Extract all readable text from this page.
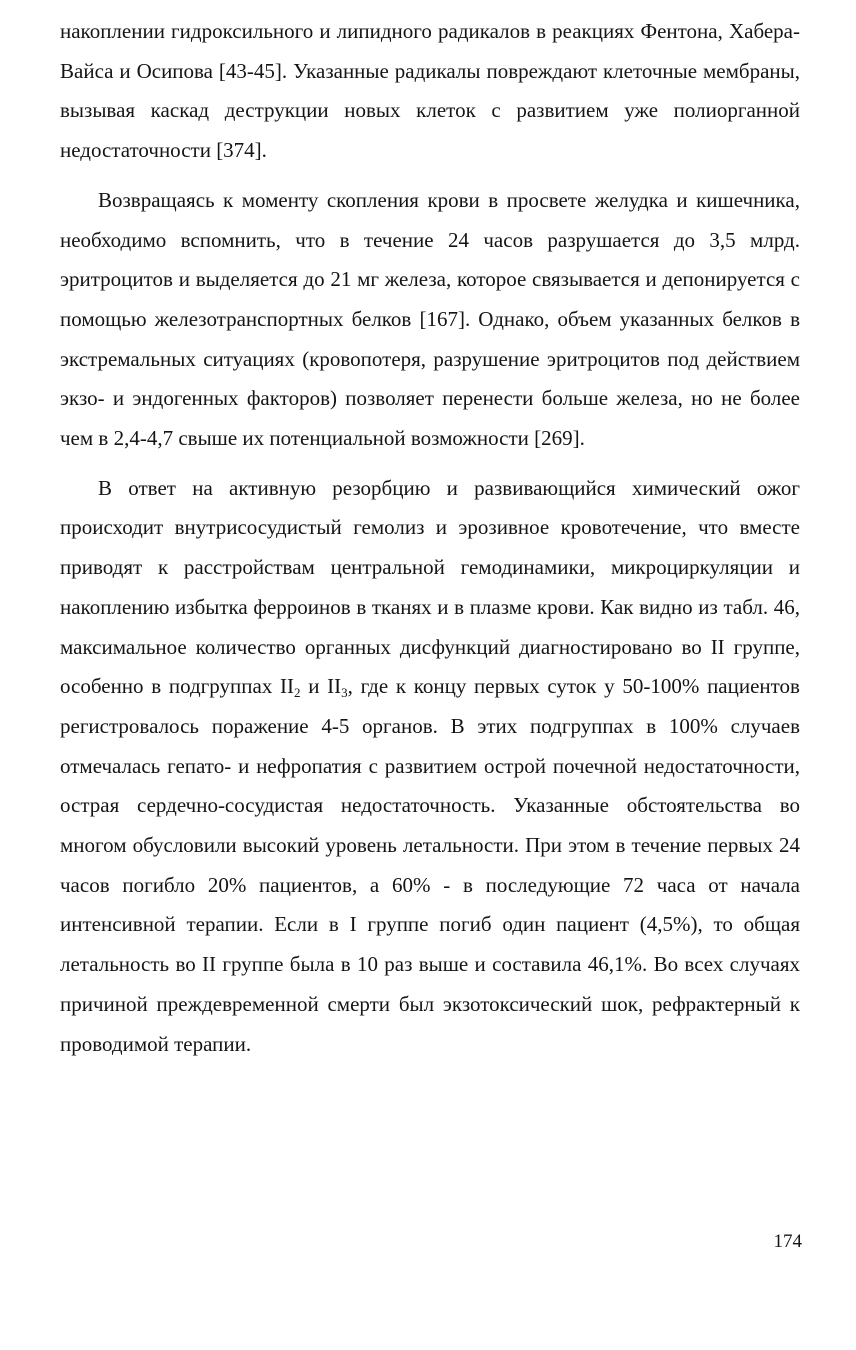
накоплении гидроксильного и липидного радикалов в реакциях Фентона, Хабера-Вайса и Осипова [43-45]. Указанные радикалы повреждают клеточные мембраны, вызывая каскад деструкции новых клеток с развитием уже полиорганной недостаточности [374].

Возвращаясь к моменту скопления крови в просвете желудка и кишечника, необходимо вспомнить, что в течение 24 часов разрушается до 3,5 млрд. эритроцитов и выделяется до 21 мг железа, которое связывается и депонируется с помощью железотранспортных белков [167]. Однако, объем указанных белков в экстремальных ситуациях (кровопотеря, разрушение эритроцитов под действием экзо- и эндогенных факторов) позволяет перенести больше железа, но не более чем в 2,4-4,7 свыше их потенциальной возможности [269].

В ответ на активную резорбцию и развивающийся химический ожог происходит внутрисосудистый гемолиз и эрозивное кровотечение, что вместе приводят к расстройствам центральной гемодинамики, микроциркуляции и накоплению избытка ферроинов в тканях и в плазме крови. Как видно из табл. 46, максимальное количество органных дисфункций диагностировано во II группе, особенно в подгруппах $II_2$ и $II_3$, где к концу первых суток у 50-100% пациентов регистровалось поражение 4-5 органов. В этих подгруппах в 100% случаев отмечалась гепато- и нефропатия с развитием острой почечной недостаточности, острая сердечно-сосудистая недостаточность. Указанные обстоятельства во многом обусловили высокий уровень летальности. При этом в течение первых 24 часов погибло 20% пациентов, а 60% - в последующие 72 часа от начала интенсивной терапии. Если в I группе погиб один пациент (4,5%), то общая летальность во II группе была в 10 раз выше и составила 46,1%. Во всех случаях причиной преждевременной смерти был экзотоксический шок, рефрактерный к проводимой терапии.

174
